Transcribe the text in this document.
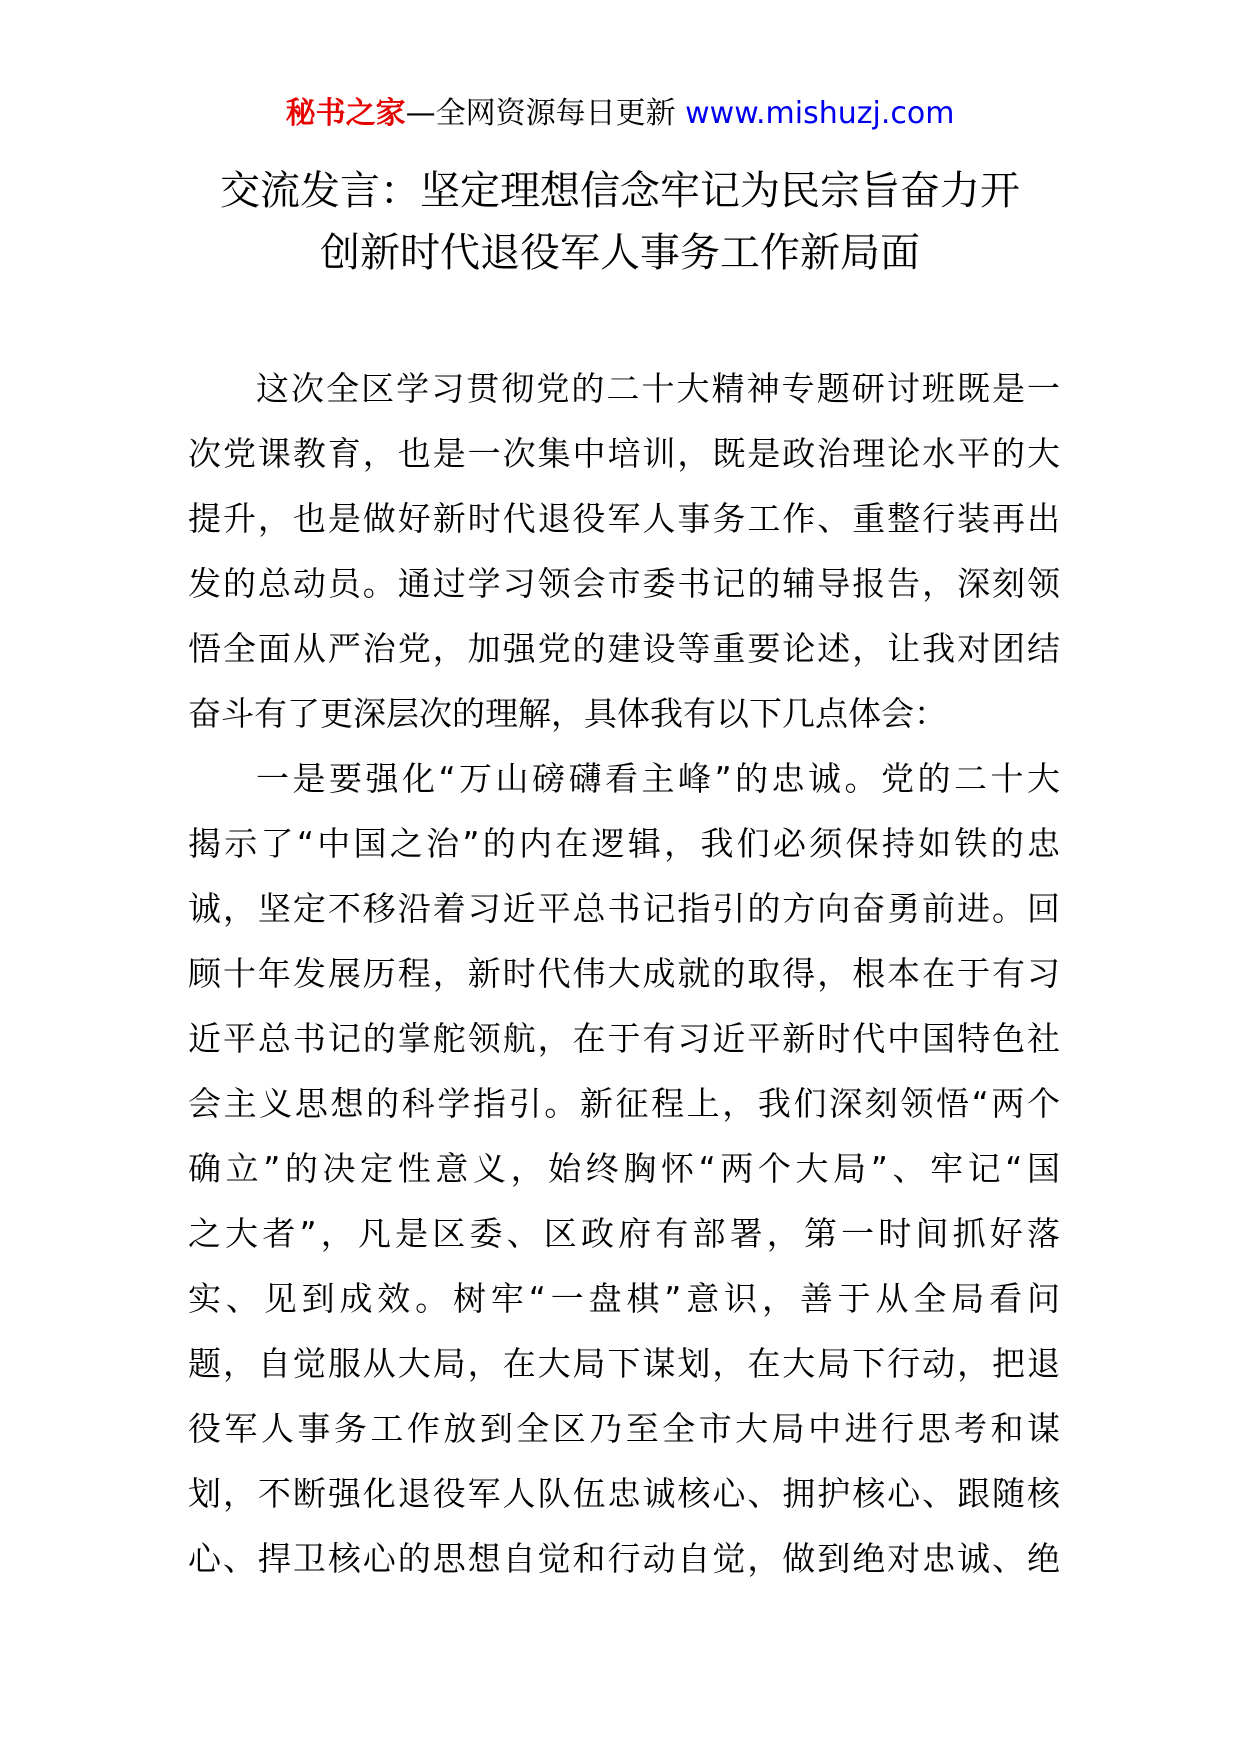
秘书之家—全网资源每日更新 www.mishuzj.com
交流发言：坚定理想信念牢记为民宗旨奋力开
创新时代退役军人事务工作新局面
这次全区学习贯彻党的二十大精神专题研讨班既是一
次党课教育，也是一次集中培训，既是政治理论水平的大
提升，也是做好新时代退役军人事务工作、重整行装再出
发的总动员。通过学习领会市委书记的辅导报告，深刻领
悟全面从严治党，加强党的建设等重要论述，让我对团结
奋斗有了更深层次的理解，具体我有以下几点体会：
一是要强化“万山磅礴看主峰”的忠诚。党的二十大
揭示了“中国之治”的内在逻辑，我们必须保持如铁的忠
诚，坚定不移沿着习近平总书记指引的方向奋勇前进。回
顾十年发展历程，新时代伟大成就的取得，根本在于有习
近平总书记的掌舵领航，在于有习近平新时代中国特色社
会主义思想的科学指引。新征程上，我们深刻领悟“两个
确立”的决定性意义，始终胸怀“两个大局”、牢记“国
之大者”，凡是区委、区政府有部署，第一时间抓好落
实、见到成效。树牢“一盘棋”意识，善于从全局看问
题，自觉服从大局，在大局下谋划，在大局下行动，把退
役军人事务工作放到全区乃至全市大局中进行思考和谋
划，不断强化退役军人队伍忠诚核心、拥护核心、跟随核
心、捍卫核心的思想自觉和行动自觉，做到绝对忠诚、绝
